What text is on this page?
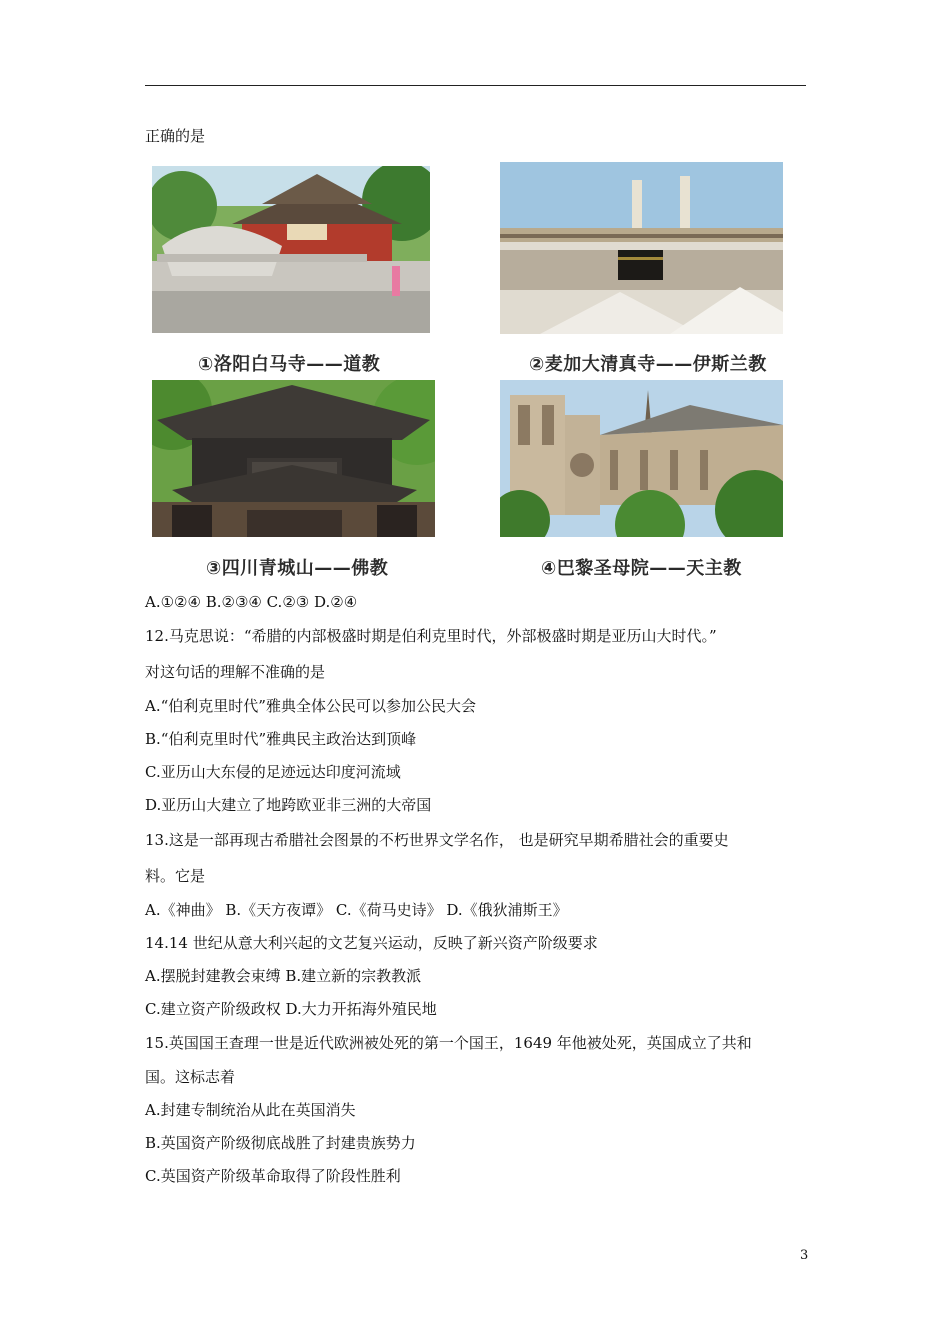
正确的是
①洛阳白马寺——道教	②麦加大清真寺——伊斯兰教
③四川青城山——佛教	④巴黎圣母院——天主教
A.①②④ B.②③④ C.②③ D.②④
12.马克思说：“希腊的内部极盛时期是伯利克里时代，外部极盛时期是亚历山大时代。”
对这句话的理解不准确的是
A.“伯利克里时代”雅典全体公民可以参加公民大会
B.“伯利克里时代”雅典民主政治达到顶峰
C.亚历山大东侵的足迹远达印度河流域
D.亚历山大建立了地跨欧亚非三洲的大帝国
13.这是一部再现古希腊社会图景的不朽世界文学名作， 也是研究早期希腊社会的重要史
料。它是
A.《神曲》 B.《天方夜谭》 C.《荷马史诗》 D.《俄狄浦斯王》
14.14 世纪从意大利兴起的文艺复兴运动，反映了新兴资产阶级要求
A.摆脱封建教会束缚 B.建立新的宗教教派
C.建立资产阶级政权 D.大力开拓海外殖民地
15.英国国王查理一世是近代欧洲被处死的第一个国王，1649 年他被处死，英国成立了共和
国。这标志着
A.封建专制统治从此在英国消失
B.英国资产阶级彻底战胜了封建贵族势力
C.英国资产阶级革命取得了阶段性胜利
3
